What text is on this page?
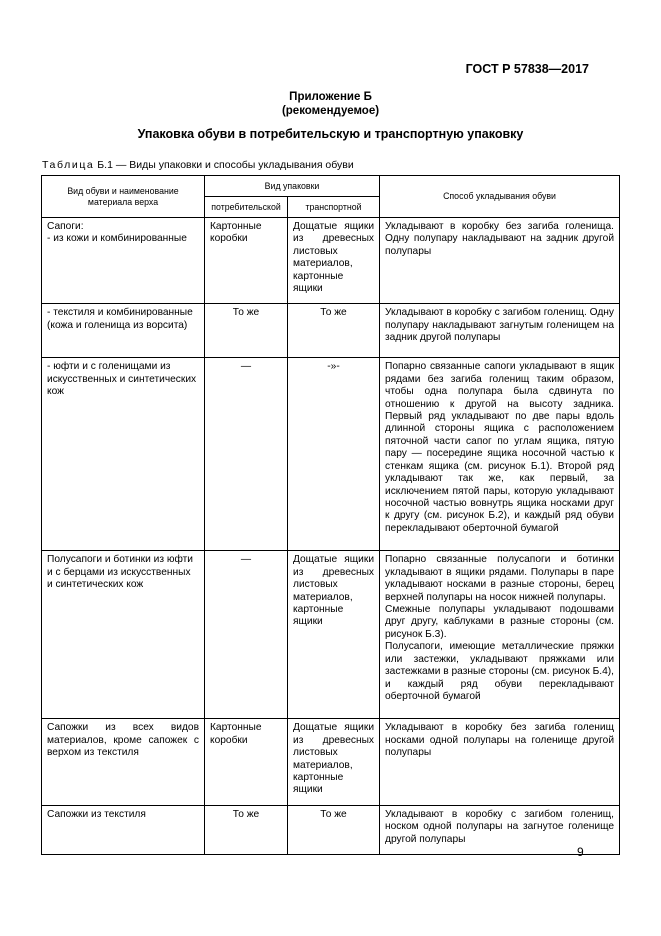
ГОСТ Р 57838—2017
Приложение Б
(рекомендуемое)
Упаковка обуви в потребительскую и транспортную упаковку
Таблица Б.1 — Виды упаковки и способы укладывания обуви
Вид обуви и наименование материала верха	Вид упаковки		Способ укладывания обуви
	потребительской	транспортной	
Сапоги:
- из кожи и комбинированные	Картонные коробки	Дощатые ящики из древесных листовых материалов, картонные ящики	Укладывают в коробку без загиба голенища. Одну полупару накладывают на задник другой полупары
- текстиля и комбинированные (кожа и голенища из ворсита)	То же	То же	Укладывают в коробку с загибом голенищ. Одну полупару накладывают загнутым голенищем на задник другой полупары
- юфти и с голенищами из искусственных и синтетических кож	—	-»-	Попарно связанные сапоги укладывают в ящик рядами без загиба голенищ таким образом, чтобы одна полупара была сдвинута по отношению к другой на высоту задника. Первый ряд укладывают по две пары вдоль длинной стороны ящика с расположением пяточной части сапог по углам ящика, пятую пару — посередине ящика носочной частью к стенкам ящика (см. рисунок Б.1). Второй ряд укладывают так же, как первый, за исключением пятой пары, которую укладывают носочной частью вовнутрь ящика носками друг к другу (см. рисунок Б.2), и каждый ряд обуви перекладывают оберточной бумагой
Полусапоги и ботинки из юфти и с берцами из искусственных и синтетических кож	—	Дощатые ящики из древесных листовых материалов, картонные ящики	Попарно связанные полусапоги и ботинки укладывают в ящики рядами. Полупары в паре укладывают носками в разные стороны, берец верхней полупары на носок нижней полупары.
Смежные полупары укладывают подошвами друг другу, каблуками в разные стороны (см. рисунок Б.3).
Полусапоги, имеющие металлические пряжки или застежки, укладывают пряжками или застежками в разные стороны (см. рисунок Б.4), и каждый ряд обуви перекладывают оберточной бумагой
Сапожки из всех видов материалов, кроме сапожек с верхом из текстиля	Картонные коробки	Дощатые ящики из древесных листовых материалов, картонные ящики	Укладывают в коробку без загиба голенищ носками одной полупары на голенище другой полупары
Сапожки из текстиля	То же	То же	Укладывают в коробку с загибом голенищ, носком одной полупары на загнутое голенище другой полупары
9
